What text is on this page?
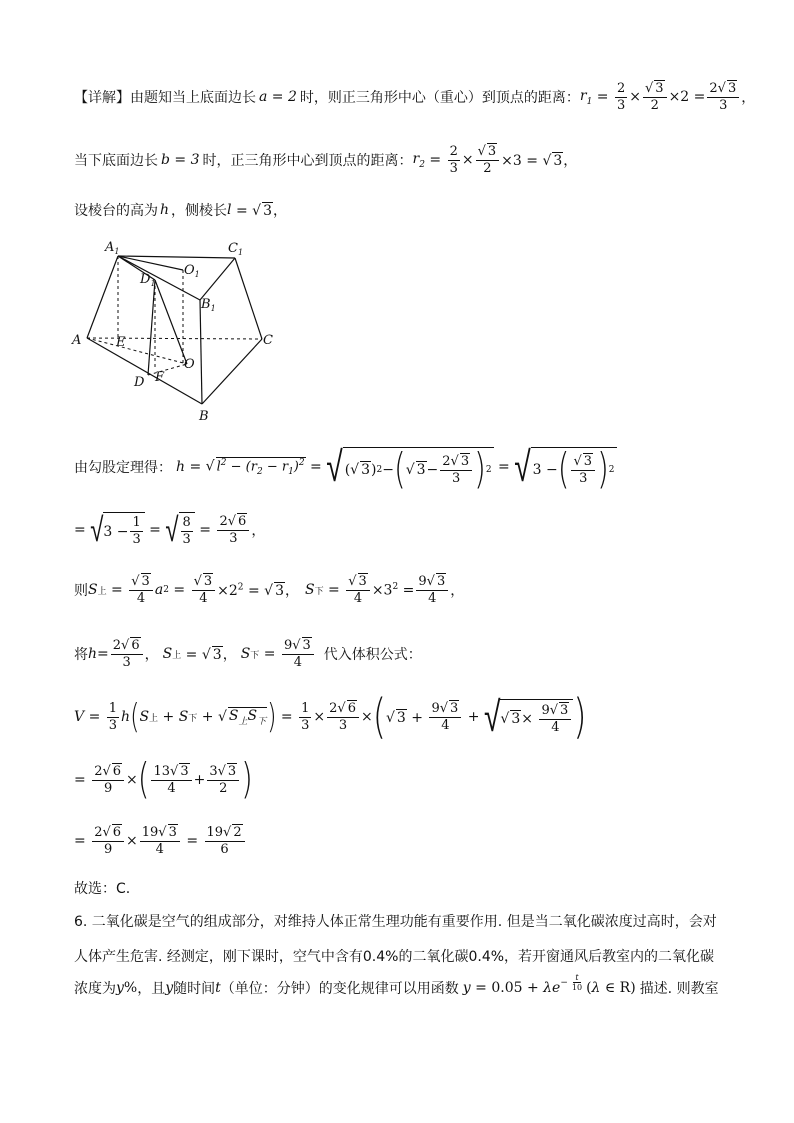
【详解】 由题知当上底面边长 a = 2 时，则正三角形中心（重心）到顶点的距离： $r_1 = \frac{2}{3} \times \frac{√ 3}{2} \times 2 = \frac{2√ 3}{3}$ ，
当下底面边长 b = 3 时，正三角形中心到顶点的距离： $r_2 = \frac{2}{3} \times \frac{√ 3}{2} \times 3$ = √ 3 ，
设棱台的高为 h ，侧棱长 l = √ 3 ，
$A_1$	$C_1$
$D_1$
$O_1$
$B_1$
A	E	C
D F
O
B
由勾股定理得： h = √ $l^2 - (r_2 - r_1)^2$ = √ (√ 3 ) 2 − ( √ $3 - \frac{2√ 3}{3}$ ) 2 = √ 3 − ( $\frac{√ 3}{3}$ ) 2
= √ $3 - \frac{1}{3}$ = √ $\frac{8}{3} = \frac{2√ 6}{3}$ ，
则 S 上 = $\frac{√ 3}{4}$ a $2 = \frac{√ 3}{4} \times 2^2$ = √ 3 ， S 下 = $\frac{√ 3}{4} \times 3^2 = \frac{9√ 3}{4}$ ，
将 $h = \frac{2√ 6}{3}$ ， S 上 = √ 3 ， S 下 = $\frac{9√ 3}{4}$ 代入体积公式：
$V = \frac{1}{3}$ h ( S 上 + S 下 + √ $S_上S_下$ ) = $\frac{1}{3} \times \frac{2√ 6}{3}$ × ( √ $3 + \frac{9√ 3}{4}$ + √ √ $3 \times \frac{9√ 3}{4}$ )
= $\frac{2√ 6}{9}$ × ( $\frac{13√ 3}{4} + \frac{3√ 3}{2}$ )
= $\frac{2√ 6}{9} \times \frac{19√ 3}{4} = \frac{19√ 2}{6}$
故选：C.
6. 二氧化碳是空气的组成部分，对维持人体正常生理功能有重要作用. 但是当二氧化碳浓度过高时，会对
人体产生危害. 经测定，刚下课时，空气中含有0.4%的二氧化碳0.4%，若开窗通风后教室内的二氧化碳
浓度为 y % ，且 y 随时间 t （单位：分钟）的变化规律可以用函数 y = 0.05 + λ $e^{- \frac{t}{10}}$ (λ ∈ R) 描述. 则教室
